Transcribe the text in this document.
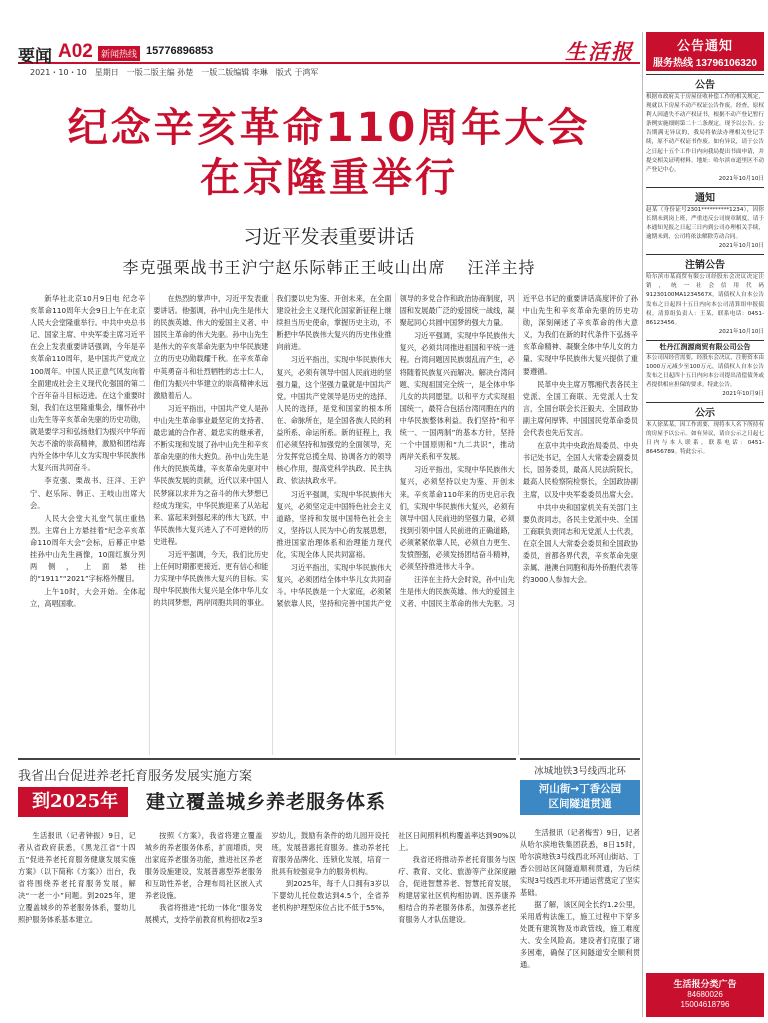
要闻 A02 新闻热线 15776896853	生活报
2021・10・10　星期日　一版二版主编 孙楚　一版二版编辑 李琳　版式 于鸿军
纪念辛亥革命110周年大会
在京隆重举行
习近平发表重要讲话
李克强栗战书王沪宁赵乐际韩正王岐山出席 汪洋主持

新华社北京10月9日电 纪念辛亥革命110周年大会9日上午在北京人民大会堂隆重举行。中共中央总书记、国家主席、中央军委主席习近平在会上发表重要讲话强调，今年是辛亥革命110周年，是中国共产党成立100周年。中国人民正意气风发向着全面建成社会主义现代化强国的第二个百年奋斗目标迈进。在这个重要时刻，我们在这里隆重集会，缅怀孙中山先生等辛亥革命先驱的历史功勋，就是要学习和弘扬他们为振兴中华而矢志不渝的崇高精神，激励和团结海内外全体中华儿女为实现中华民族伟大复兴而共同奋斗。

李克强、栗战书、汪洋、王沪宁、赵乐际、韩正、王岐山出席大会。

人民大会堂大礼堂气氛庄重热烈。主席台上方悬挂着“纪念辛亥革命110周年大会”会标，后幕正中悬挂孙中山先生画像，10面红旗分列两侧，上面悬挂的“1911”“2021”字标格外醒目。

上午10时，大会开始。全体起立，高唱国歌。

在热烈的掌声中，习近平发表重要讲话。他强调，孙中山先生是伟大的民族英雄、伟大的爱国主义者、中国民主革命的伟大先驱。孙中山先生是伟大的辛亥革命先驱为中华民族建立的历史功勋载耀千秋。在辛亥革命中英勇奋斗和壮烈牺牲的志士仁人，他们为振兴中华建立的崇高精神永远激励着后人。

习近平指出，中国共产党人是孙中山先生革命事业最坚定的支持者、最忠诚的合作者、最忠实的继承者，不断实现和发展了孙中山先生和辛亥革命先驱的伟大抱负。孙中山先生是伟大的民族英雄，辛亥革命先驱对中华民族发展的贡献，近代以来中国人民梦寐以求并为之奋斗的伟大梦想已经成为现实，中华民族迎来了从站起来、富起来到强起来的伟大飞跃，中华民族伟大复兴进入了不可逆转的历史进程。

习近平强调，今天，我们比历史上任何时期都更接近、更有信心和能力实现中华民族伟大复兴的目标。实现中华民族伟大复兴是全体中华儿女的共同梦想，两岸同胞共同的事业。我们要以史为鉴、开创未来，在全面建设社会主义现代化国家新征程上继续担当历史使命，掌握历史主动，不断把中华民族伟大复兴的历史伟业推向前进。

习近平指出，实现中华民族伟大复兴，必须有领导中国人民前进的坚强力量，这个坚强力量就是中国共产党。中国共产党领导是历史的选择、人民的选择，是党和国家的根本所在、命脉所在，是全国各族人民的利益所系、命运所系。新的征程上，我们必须坚持和加强党的全面领导，充分发挥党总揽全局、协调各方的领导核心作用，提高党科学执政、民主执政、依法执政水平。

习近平强调，实现中华民族伟大复兴，必须坚定走中国特色社会主义道路，坚持和发展中国特色社会主义，坚持以人民为中心的发展思想，推进国家治理体系和治理能力现代化，实现全体人民共同富裕。

习近平指出，实现中华民族伟大复兴，必须团结全体中华儿女共同奋斗。中华民族是一个大家庭，必须紧紧依靠人民，坚持和完善中国共产党领导的多党合作和政治协商制度，巩固和发展最广泛的爱国统一战线，凝聚起同心共圆中国梦的强大力量。

习近平强调，实现中华民族伟大复兴，必须共同推进祖国和平统一进程。台湾问题因民族弱乱而产生，必将随着民族复兴而解决。解决台湾问题、实现祖国完全统一，是全体中华儿女的共同愿望。以和平方式实现祖国统一，最符合包括台湾同胞在内的中华民族整体利益。我们坚持“和平统一、一国两制”的基本方针，坚持一个中国原则和“九二共识”，推动两岸关系和平发展。

习近平指出，实现中华民族伟大复兴，必须坚持以史为鉴、开创未来。辛亥革命110年来的历史启示我们，实现中华民族伟大复兴，必须有领导中国人民前进的坚强力量，必须找到引领中国人民前进的正确道路，必须紧紧依靠人民，必须自力更生、发愤图强，必须发扬团结奋斗精神，必须坚持推进伟大斗争。

汪洋在主持大会时说，孙中山先生是伟大的民族英雄、伟大的爱国主义者、中国民主革命的伟大先驱。习近平总书记的重要讲话高度评价了孙中山先生和辛亥革命先驱的历史功勋，深刻阐述了辛亥革命的伟大意义，为我们在新的时代条件下弘扬辛亥革命精神、凝聚全体中华儿女的力量、实现中华民族伟大复兴提供了重要遵循。

民革中央主席万鄂湘代表各民主党派、全国工商联、无党派人士发言，全国台联会长汪毅夫、全国政协副主席何厚铧、中国国民党革命委员会代表也先后发言。

在京中共中央政治局委员、中央书记处书记，全国人大常委会副委员长，国务委员，最高人民法院院长，最高人民检察院检察长，全国政协副主席，以及中央军委委员出席大会。

中共中央和国家机关有关部门主要负责同志，各民主党派中央、全国工商联负责同志和无党派人士代表，在京全国人大常委会委员和全国政协委员，首都各界代表，辛亥革命先驱亲属、港澳台同胞和海外侨胞代表等约3000人参加大会。

公告通知
服务热线 13796106320
公告
根据市政府关于房屋征收补偿工作的相关规定，现就以下房屋不动产权证公告作废。经查，原权利人因遗失不动产权证书，根据不动产登记暂行条例实施细则第二十二条规定，现予以公告。公告期满无异议的，我局将依法办理相关登记手续，原不动产权证书作废。如有异议，请于公告之日起十五个工作日内向我局提出书面申请，并提交相关证明材料。地址：哈尔滨市道里区不动产登记中心。
2021年10月10日
通知
赵某（身份证号2301**********1234），因你长期未到岗上班，严重违反公司规章制度，请于本通知见报之日起三日内到公司办理相关手续，逾期未到，公司将依法解除劳动合同。
2021年10月10日
注销公告
哈尔滨市某商贸有限公司经股东会决议决定注销，统一社会信用代码91230100MA1234567X，请债权人自本公告发布之日起四十五日内向本公司清算组申报债权。清算组负责人：王某，联系电话：0451-86123456。
2021年10月10日
牡丹江润源商贸有限公司公告
本公司因经营需要，经股东会决议，注册资本由1000万元减少至100万元，请债权人自本公告发布之日起四十五日内向本公司提出清偿债务或者提供相应担保的要求。特此公告。
2021年10月9日
公示
本人徐某某，因工作需要，现将本人名下所持有的房屋予以公示。如有异议，请自公示之日起七日内与本人联系。联系电话：0451-86456789。特此公示。
生活报分类广告
84680026
15004618796
我省出台促进养老托育服务发展实施方案
到2025年	建立覆盖城乡养老服务体系

生活报讯（记者钟振）9日，记者从省政府获悉，《黑龙江省“十四五”促进养老托育服务健康发展实施方案》（以下简称《方案》）出台，我省将围绕养老托育服务发展，解决“一老一小”问题。到2025年，建立覆盖城乡的养老服务体系，婴幼儿照护服务体系基本建立。

按照《方案》，我省将建立覆盖城乡的养老服务体系，扩面增质，突出家庭养老服务功能，推进社区养老服务设施建设，发展普惠型养老服务和互助性养老，合理布局社区嵌入式养老设施。

我省将推进“托幼一体化”服务发展模式，支持学前教育机构招收2至3岁幼儿，鼓励有条件的幼儿园开设托班，发展普惠托育服务。推动养老托育服务品牌化、连锁化发展，培育一批具有较强竞争力的服务机构。

到2025年，每千人口拥有3岁以下婴幼儿托位数达到4.5个，全省养老机构护理型床位占比不低于55%，社区日间照料机构覆盖率达到90%以上。

我省还将推动养老托育服务与医疗、教育、文化、旅游等产业深度融合，促进智慧养老、智慧托育发展，构建居家社区机构相协调、医养康养相结合的养老服务体系，加强养老托育服务人才队伍建设。

冰城地铁3号线西北环
河山街→丁香公园
区间隧道贯通

生活报讯（记者梅雪）9日，记者从哈尔滨地铁集团获悉，8日15时，哈尔滨地铁3号线西北环河山街站、丁香公园站区间隧道顺利贯通，为后续实现3号线西北环开通运营奠定了坚实基础。

据了解，该区间全长约1.2公里，采用盾构法施工，施工过程中下穿多处既有建筑物及市政管线，施工难度大、安全风险高。建设者们克服了诸多困难，确保了区间隧道安全顺利贯通。
